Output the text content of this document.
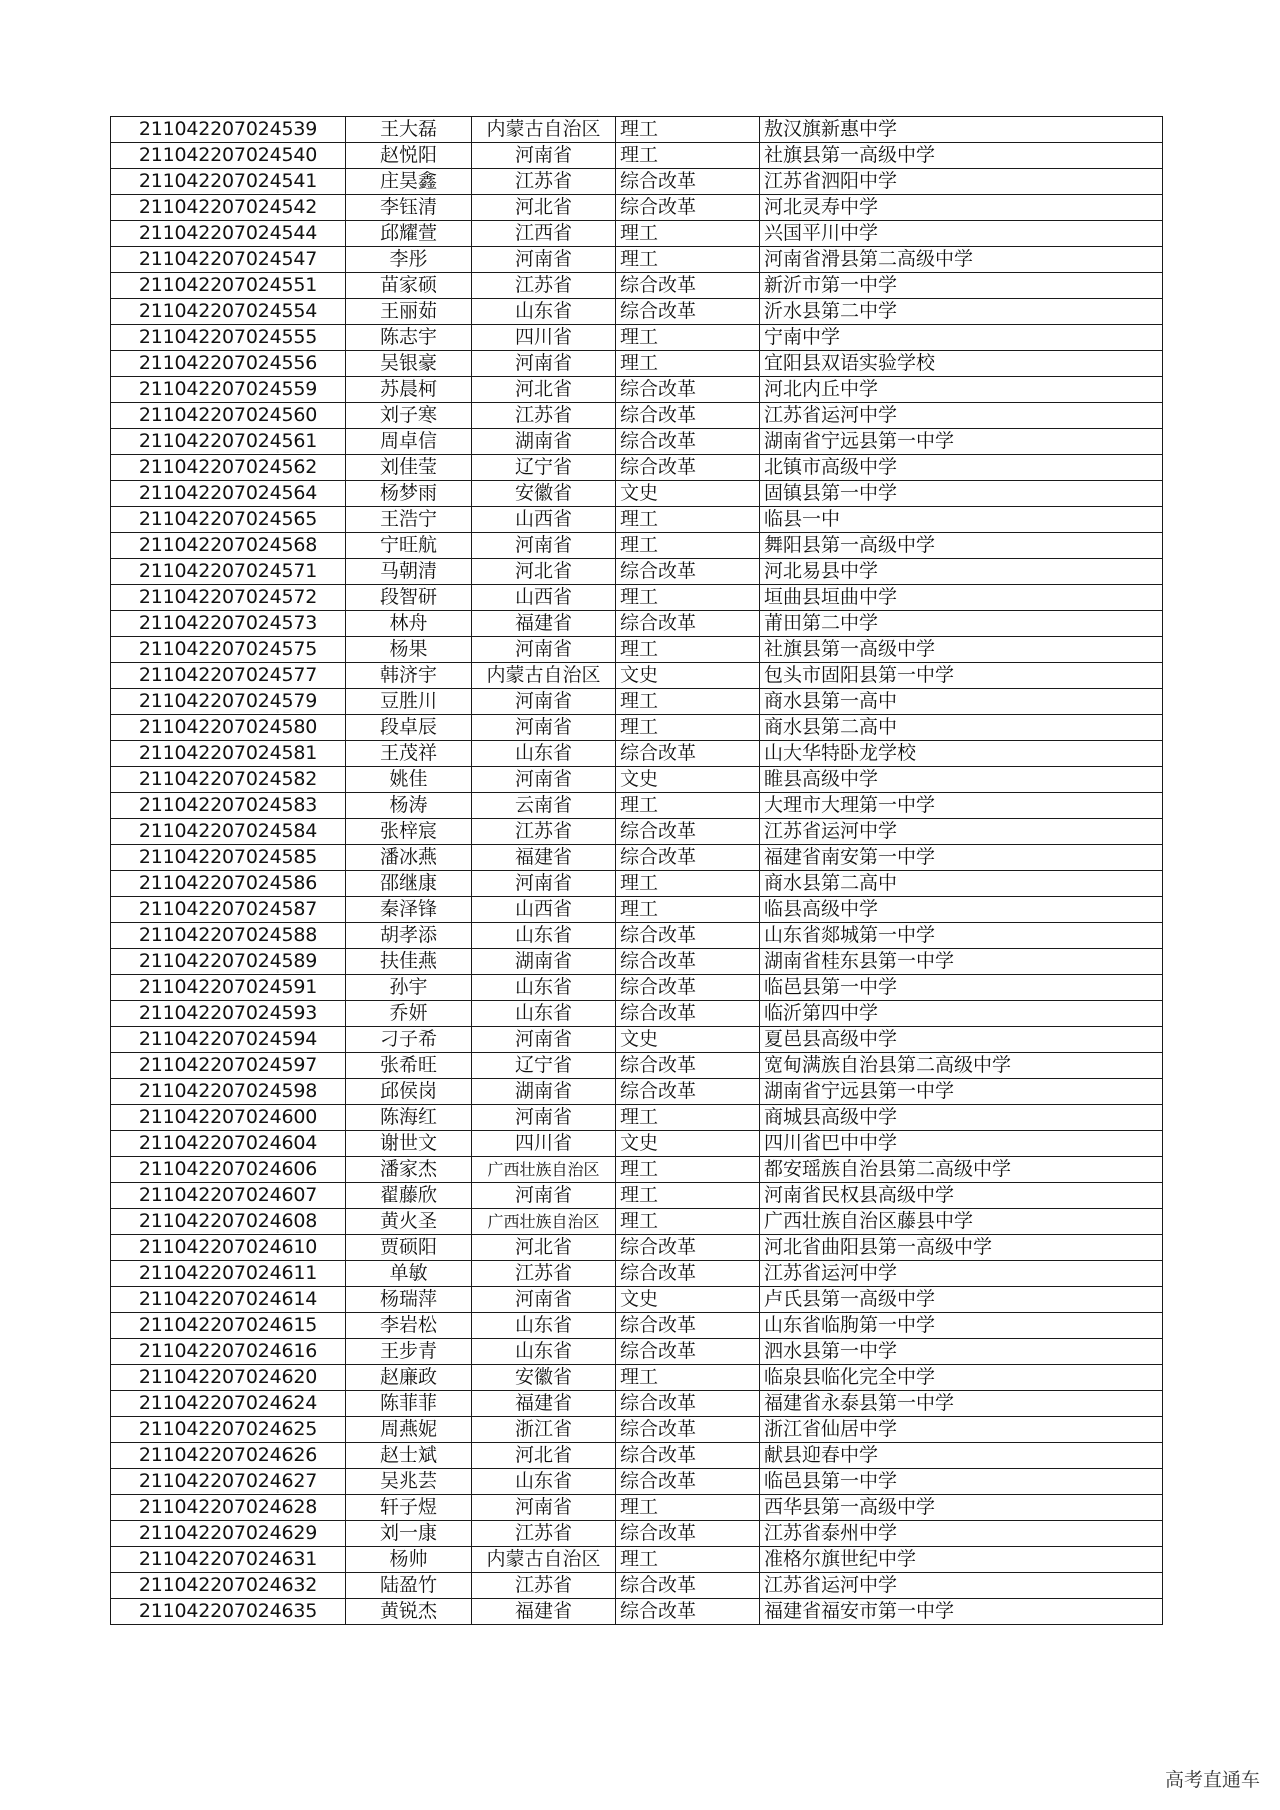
211042207024539	王大磊	内蒙古自治区	理工	敖汉旗新惠中学
211042207024540	赵悦阳	河南省	理工	社旗县第一高级中学
211042207024541	庄昊鑫	江苏省	综合改革	江苏省泗阳中学
211042207024542	李钰清	河北省	综合改革	河北灵寿中学
211042207024544	邱耀萱	江西省	理工	兴国平川中学
211042207024547	李彤	河南省	理工	河南省滑县第二高级中学
211042207024551	苗家硕	江苏省	综合改革	新沂市第一中学
211042207024554	王丽茹	山东省	综合改革	沂水县第二中学
211042207024555	陈志宇	四川省	理工	宁南中学
211042207024556	吴银豪	河南省	理工	宜阳县双语实验学校
211042207024559	苏晨柯	河北省	综合改革	河北内丘中学
211042207024560	刘子寒	江苏省	综合改革	江苏省运河中学
211042207024561	周卓信	湖南省	综合改革	湖南省宁远县第一中学
211042207024562	刘佳莹	辽宁省	综合改革	北镇市高级中学
211042207024564	杨梦雨	安徽省	文史	固镇县第一中学
211042207024565	王浩宁	山西省	理工	临县一中
211042207024568	宁旺航	河南省	理工	舞阳县第一高级中学
211042207024571	马朝清	河北省	综合改革	河北易县中学
211042207024572	段智研	山西省	理工	垣曲县垣曲中学
211042207024573	林舟	福建省	综合改革	莆田第二中学
211042207024575	杨果	河南省	理工	社旗县第一高级中学
211042207024577	韩济宇	内蒙古自治区	文史	包头市固阳县第一中学
211042207024579	豆胜川	河南省	理工	商水县第一高中
211042207024580	段卓辰	河南省	理工	商水县第二高中
211042207024581	王茂祥	山东省	综合改革	山大华特卧龙学校
211042207024582	姚佳	河南省	文史	睢县高级中学
211042207024583	杨涛	云南省	理工	大理市大理第一中学
211042207024584	张梓宸	江苏省	综合改革	江苏省运河中学
211042207024585	潘冰燕	福建省	综合改革	福建省南安第一中学
211042207024586	邵继康	河南省	理工	商水县第二高中
211042207024587	秦泽锋	山西省	理工	临县高级中学
211042207024588	胡孝添	山东省	综合改革	山东省郯城第一中学
211042207024589	扶佳燕	湖南省	综合改革	湖南省桂东县第一中学
211042207024591	孙宇	山东省	综合改革	临邑县第一中学
211042207024593	乔妍	山东省	综合改革	临沂第四中学
211042207024594	刁子希	河南省	文史	夏邑县高级中学
211042207024597	张希旺	辽宁省	综合改革	宽甸满族自治县第二高级中学
211042207024598	邱侯岗	湖南省	综合改革	湖南省宁远县第一中学
211042207024600	陈海红	河南省	理工	商城县高级中学
211042207024604	谢世文	四川省	文史	四川省巴中中学
211042207024606	潘家杰	广西壮族自治区	理工	都安瑶族自治县第二高级中学
211042207024607	翟藤欣	河南省	理工	河南省民权县高级中学
211042207024608	黄火圣	广西壮族自治区	理工	广西壮族自治区藤县中学
211042207024610	贾硕阳	河北省	综合改革	河北省曲阳县第一高级中学
211042207024611	单敏	江苏省	综合改革	江苏省运河中学
211042207024614	杨瑞萍	河南省	文史	卢氏县第一高级中学
211042207024615	李岩松	山东省	综合改革	山东省临朐第一中学
211042207024616	王步青	山东省	综合改革	泗水县第一中学
211042207024620	赵廉政	安徽省	理工	临泉县临化完全中学
211042207024624	陈菲菲	福建省	综合改革	福建省永泰县第一中学
211042207024625	周燕妮	浙江省	综合改革	浙江省仙居中学
211042207024626	赵士斌	河北省	综合改革	献县迎春中学
211042207024627	吴兆芸	山东省	综合改革	临邑县第一中学
211042207024628	轩子煜	河南省	理工	西华县第一高级中学
211042207024629	刘一康	江苏省	综合改革	江苏省泰州中学
211042207024631	杨帅	内蒙古自治区	理工	准格尔旗世纪中学
211042207024632	陆盈竹	江苏省	综合改革	江苏省运河中学
211042207024635	黄锐杰	福建省	综合改革	福建省福安市第一中学
高考直通车
